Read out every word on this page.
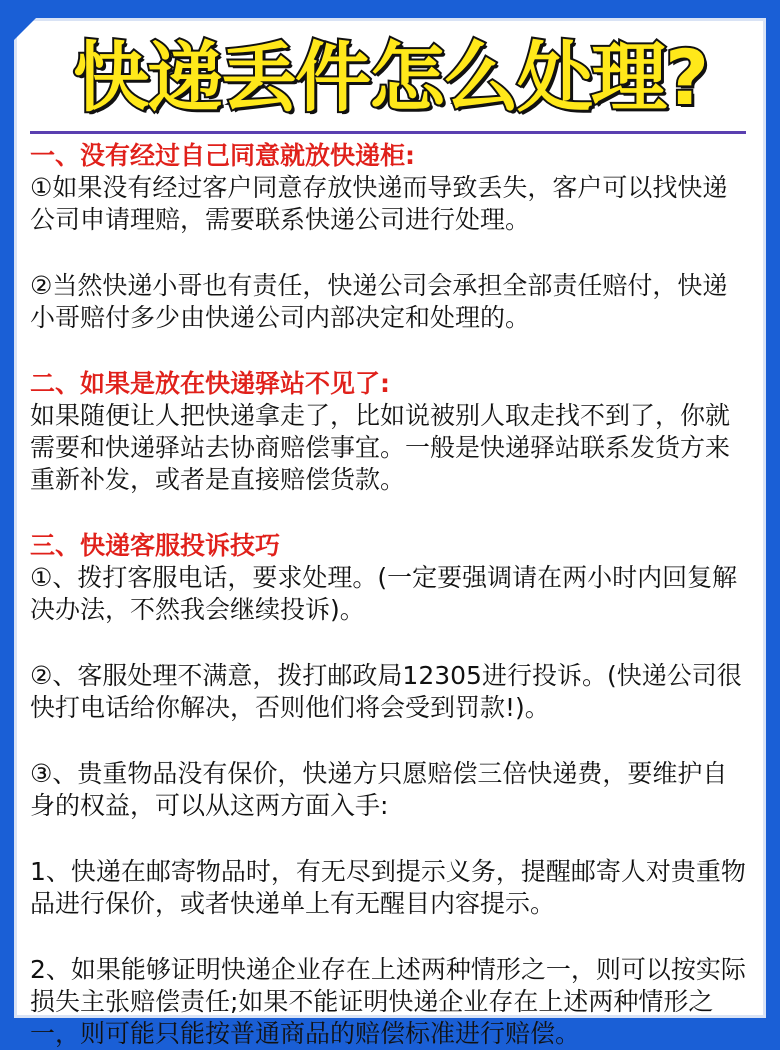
快递丢件怎么处理?

一、没有经过自己同意就放快递柜:

①如果没有经过客户同意存放快递而导致丢失，客户可以找快递公司申请理赔，需要联系快递公司进行处理。

②当然快递小哥也有责任，快递公司会承担全部责任赔付，快递小哥赔付多少由快递公司内部决定和处理的。

二、如果是放在快递驿站不见了:

如果随便让人把快递拿走了，比如说被别人取走找不到了，你就需要和快递驿站去协商赔偿事宜。一般是快递驿站联系发货方来重新补发，或者是直接赔偿货款。

三、快递客服投诉技巧

①、拨打客服电话，要求处理。(一定要强调请在两小时内回复解决办法，不然我会继续投诉)。

②、客服处理不满意，拨打邮政局12305进行投诉。(快递公司很快打电话给你解决，否则他们将会受到罚款!)。

③、贵重物品没有保价，快递方只愿赔偿三倍快递费，要维护自身的权益，可以从这两方面入手:

1、快递在邮寄物品时，有无尽到提示义务，提醒邮寄人对贵重物品进行保价，或者快递单上有无醒目内容提示。

2、如果能够证明快递企业存在上述两种情形之一，则可以按实际损失主张赔偿责任;如果不能证明快递企业存在上述两种情形之一，则可能只能按普通商品的赔偿标准进行赔偿。
